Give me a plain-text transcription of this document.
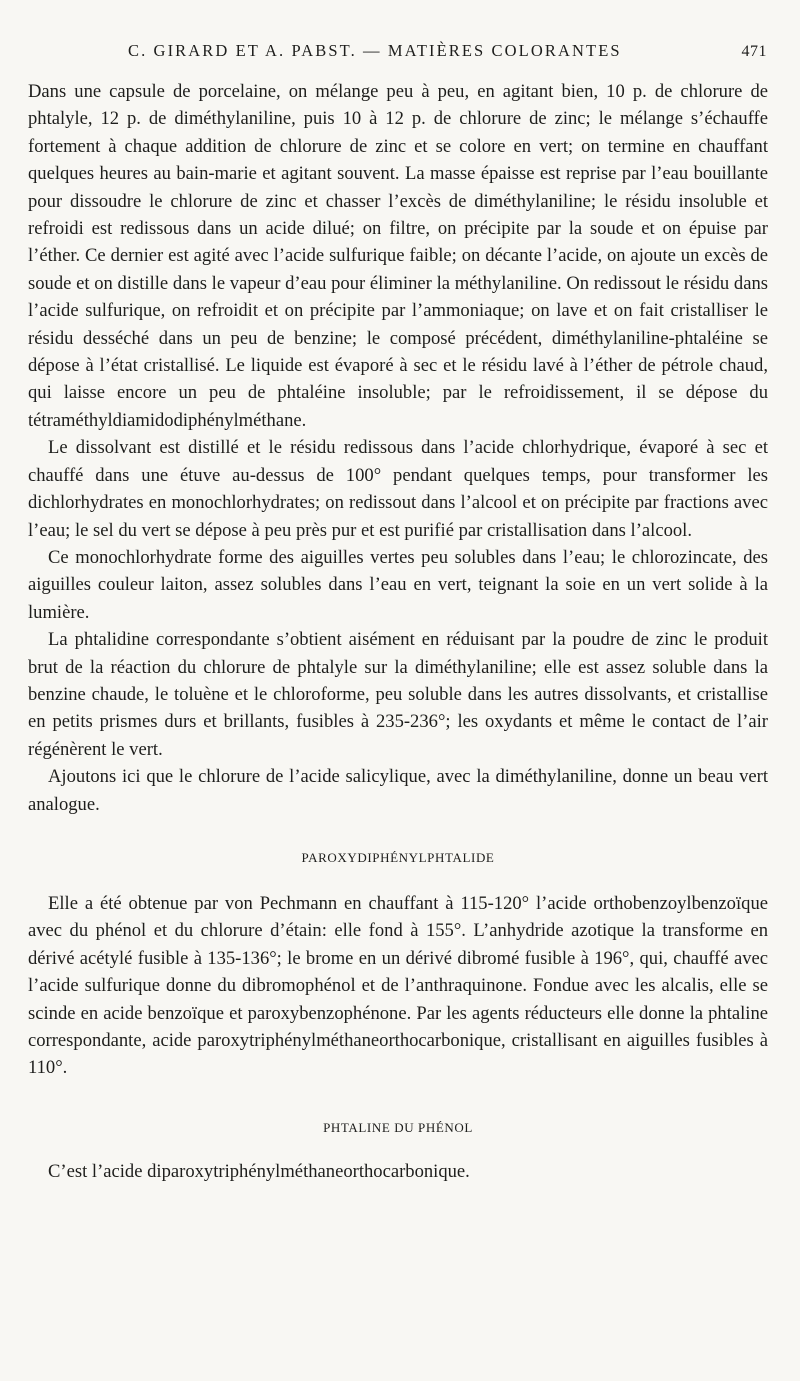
C. GIRARD ET A. PABST. — MATIÈRES COLORANTES	471

Dans une capsule de porcelaine, on mélange peu à peu, en agitant bien, 10 p. de chlorure de phtalyle, 12 p. de diméthylaniline, puis 10 à 12 p. de chlorure de zinc; le mélange s’échauffe fortement à chaque addition de chlorure de zinc et se colore en vert; on termine en chauffant quelques heures au bain-marie et agitant souvent. La masse épaisse est reprise par l’eau bouillante pour dissoudre le chlorure de zinc et chasser l’excès de diméthylaniline; le résidu insoluble et refroidi est redissous dans un acide dilué; on filtre, on précipite par la soude et on épuise par l’éther. Ce dernier est agité avec l’acide sulfurique faible; on décante l’acide, on ajoute un excès de soude et on distille dans le vapeur d’eau pour éliminer la méthylaniline. On redissout le résidu dans l’acide sulfurique, on refroidit et on précipite par l’ammoniaque; on lave et on fait cristalliser le résidu desséché dans un peu de benzine; le composé précédent, diméthylaniline-phtaléine se dépose à l’état cristallisé. Le liquide est évaporé à sec et le résidu lavé à l’éther de pétrole chaud, qui laisse encore un peu de phtaléine insoluble; par le refroidissement, il se dépose du tétraméthyldiamidodiphénylméthane.

Le dissolvant est distillé et le résidu redissous dans l’acide chlorhydrique, évaporé à sec et chauffé dans une étuve au-dessus de 100° pendant quelques temps, pour transformer les dichlorhydrates en monochlorhydrates; on redissout dans l’alcool et on précipite par fractions avec l’eau; le sel du vert se dépose à peu près pur et est purifié par cristallisation dans l’alcool.

Ce monochlorhydrate forme des aiguilles vertes peu solubles dans l’eau; le chlorozincate, des aiguilles couleur laiton, assez solubles dans l’eau en vert, teignant la soie en un vert solide à la lumière.

La phtalidine correspondante s’obtient aisément en réduisant par la poudre de zinc le produit brut de la réaction du chlorure de phtalyle sur la diméthylaniline; elle est assez soluble dans la benzine chaude, le toluène et le chloroforme, peu soluble dans les autres dissolvants, et cristallise en petits prismes durs et brillants, fusibles à 235-236°; les oxydants et même le contact de l’air régénèrent le vert.

Ajoutons ici que le chlorure de l’acide salicylique, avec la diméthylaniline, donne un beau vert analogue.

PAROXYDIPHÉNYLPHTALIDE

Elle a été obtenue par von Pechmann en chauffant à 115-120° l’acide orthobenzoylbenzoïque avec du phénol et du chlorure d’étain: elle fond à 155°. L’anhydride azotique la transforme en dérivé acétylé fusible à 135-136°; le brome en un dérivé dibromé fusible à 196°, qui, chauffé avec l’acide sulfurique donne du dibromophénol et de l’anthraquinone. Fondue avec les alcalis, elle se scinde en acide benzoïque et paroxybenzophénone. Par les agents réducteurs elle donne la phtaline correspondante, acide paroxytriphénylméthaneorthocarbonique, cristallisant en aiguilles fusibles à 110°.

PHTALINE DU PHÉNOL

C’est l’acide diparoxytriphénylméthaneorthocarbonique.
